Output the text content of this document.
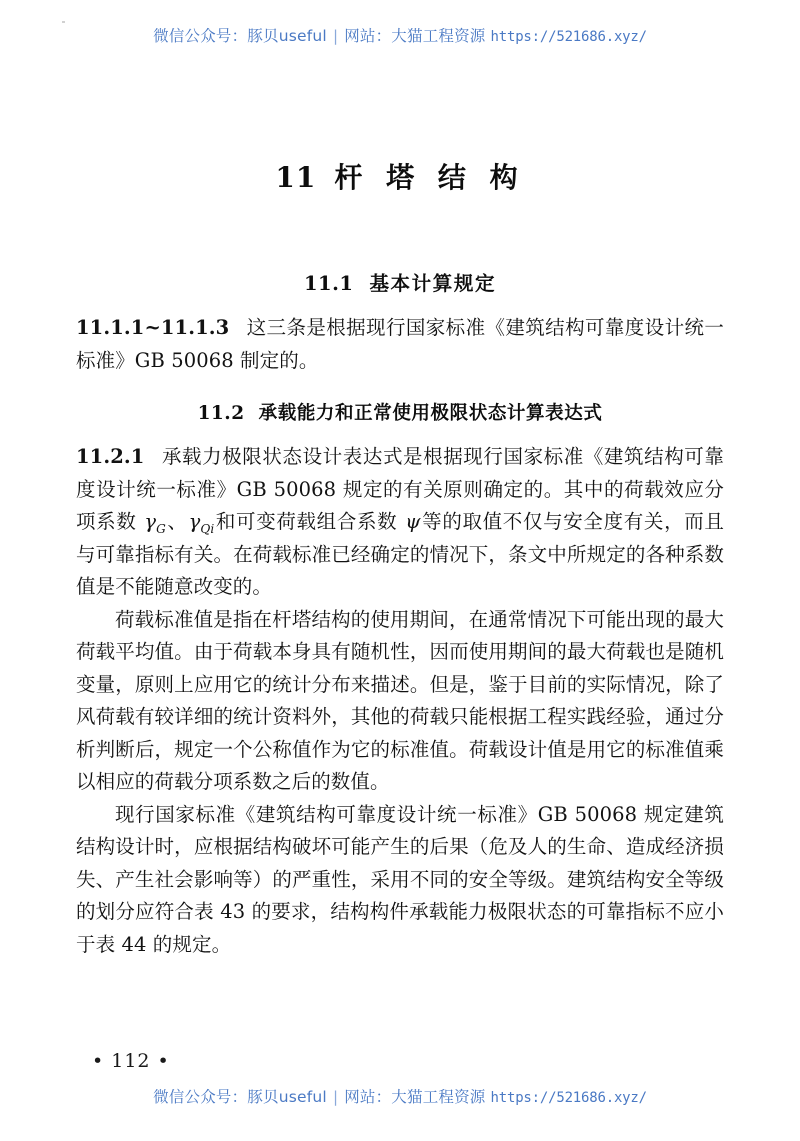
微信公众号：豚贝useful | 网站：大猫工程资源 https://521686.xyz/
11 杆 塔 结 构
11.1 基本计算规定

11.1.1~11.1.3 这三条是根据现行国家标准《建筑结构可靠度设计统一标准》GB 50068 制定的。

11.2 承载能力和正常使用极限状态计算表达式

11.2.1 承载力极限状态设计表达式是根据现行国家标准《建筑结构可靠度设计统一标准》GB 50068 规定的有关原则确定的。其中的荷载效应分项系数 $\gamma_G$、$\gamma_{Qi}$和可变荷载组合系数 ψ等的取值不仅与安全度有关，而且与可靠指标有关。在荷载标准已经确定的情况下，条文中所规定的各种系数值是不能随意改变的。

荷载标准值是指在杆塔结构的使用期间，在通常情况下可能出现的最大荷载平均值。由于荷载本身具有随机性，因而使用期间的最大荷载也是随机变量，原则上应用它的统计分布来描述。但是，鉴于目前的实际情况，除了风荷载有较详细的统计资料外，其他的荷载只能根据工程实践经验，通过分析判断后，规定一个公称值作为它的标准值。荷载设计值是用它的标准值乘以相应的荷载分项系数之后的数值。

现行国家标准《建筑结构可靠度设计统一标准》GB 50068 规定建筑结构设计时，应根据结构破坏可能产生的后果（危及人的生命、造成经济损失、产生社会影响等）的严重性，采用不同的安全等级。建筑结构安全等级的划分应符合表 43 的要求，结构构件承载能力极限状态的可靠指标不应小于表 44 的规定。

• 112 •
微信公众号：豚贝useful | 网站：大猫工程资源 https://521686.xyz/
